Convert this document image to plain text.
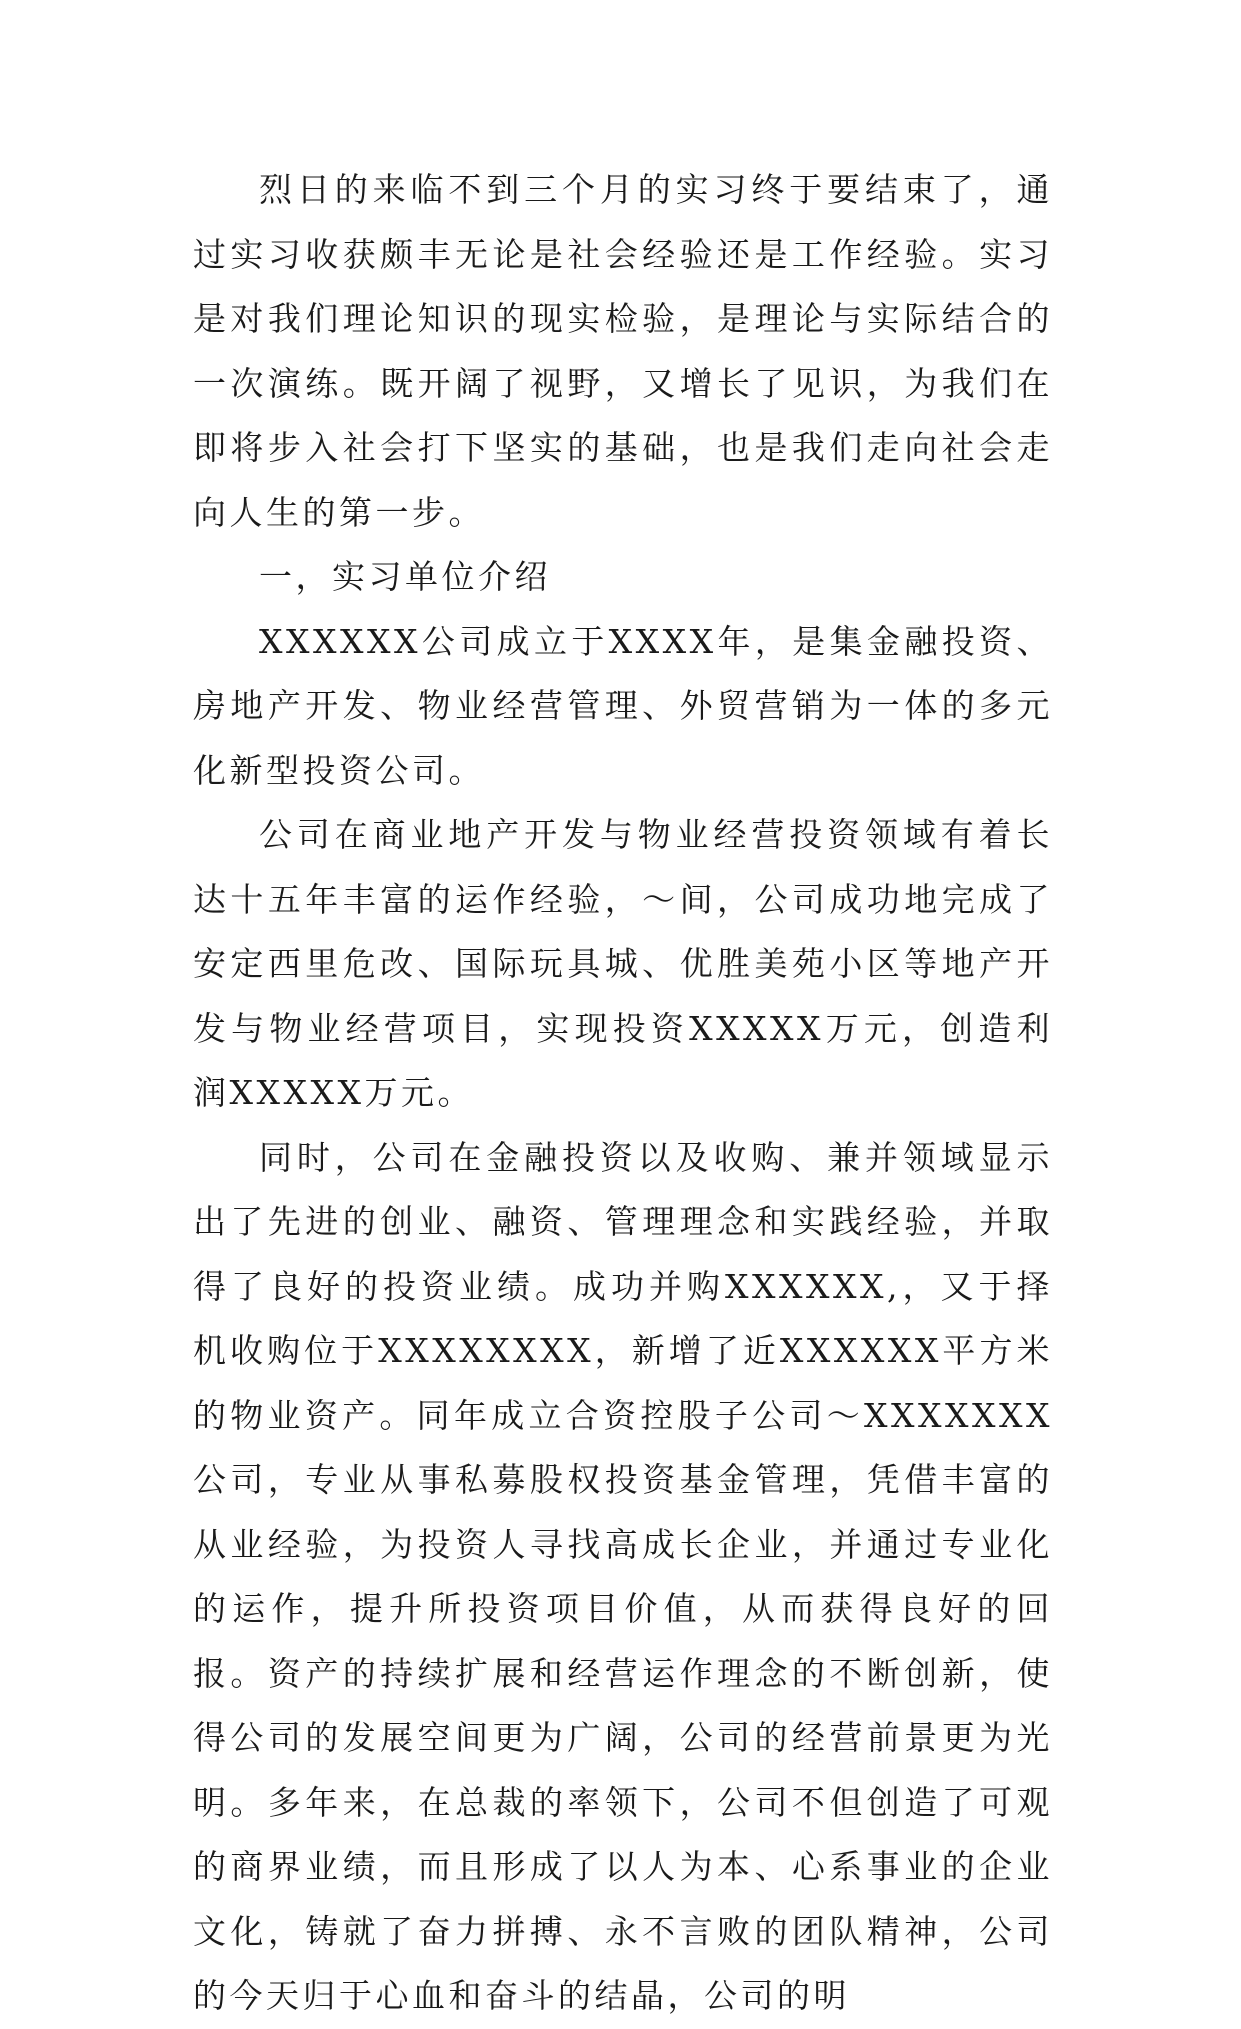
烈日的来临不到三个月的实习终于要结束了，通过实习收获颇丰无论是社会经验还是工作经验。实习是对我们理论知识的现实检验，是理论与实际结合的一次演练。既开阔了视野，又增长了见识，为我们在即将步入社会打下坚实的基础，也是我们走向社会走向人生的第一步。

一，实习单位介绍

XXXXXX公司成立于XXXX年，是集金融投资、房地产开发、物业经营管理、外贸营销为一体的多元化新型投资公司。

公司在商业地产开发与物业经营投资领域有着长达十五年丰富的运作经验，～间，公司成功地完成了安定西里危改、国际玩具城、优胜美苑小区等地产开发与物业经营项目，实现投资XXXXX万元，创造利润XXXXX万元。

同时，公司在金融投资以及收购、兼并领域显示出了先进的创业、融资、管理理念和实践经验，并取得了良好的投资业绩。成功并购XXXXXX,，又于择机收购位于XXXXXXXX，新增了近XXXXXX平方米的物业资产。同年成立合资控股子公司～XXXXXXX公司，专业从事私募股权投资基金管理，凭借丰富的从业经验，为投资人寻找高成长企业，并通过专业化的运作，提升所投资项目价值，从而获得良好的回报。资产的持续扩展和经营运作理念的不断创新，使得公司的发展空间更为广阔，公司的经营前景更为光明。多年来，在总裁的率领下，公司不但创造了可观的商界业绩，而且形成了以人为本、心系事业的企业文化，铸就了奋力拼搏、永不言败的团队精神，公司的今天归于心血和奋斗的结晶，公司的明
